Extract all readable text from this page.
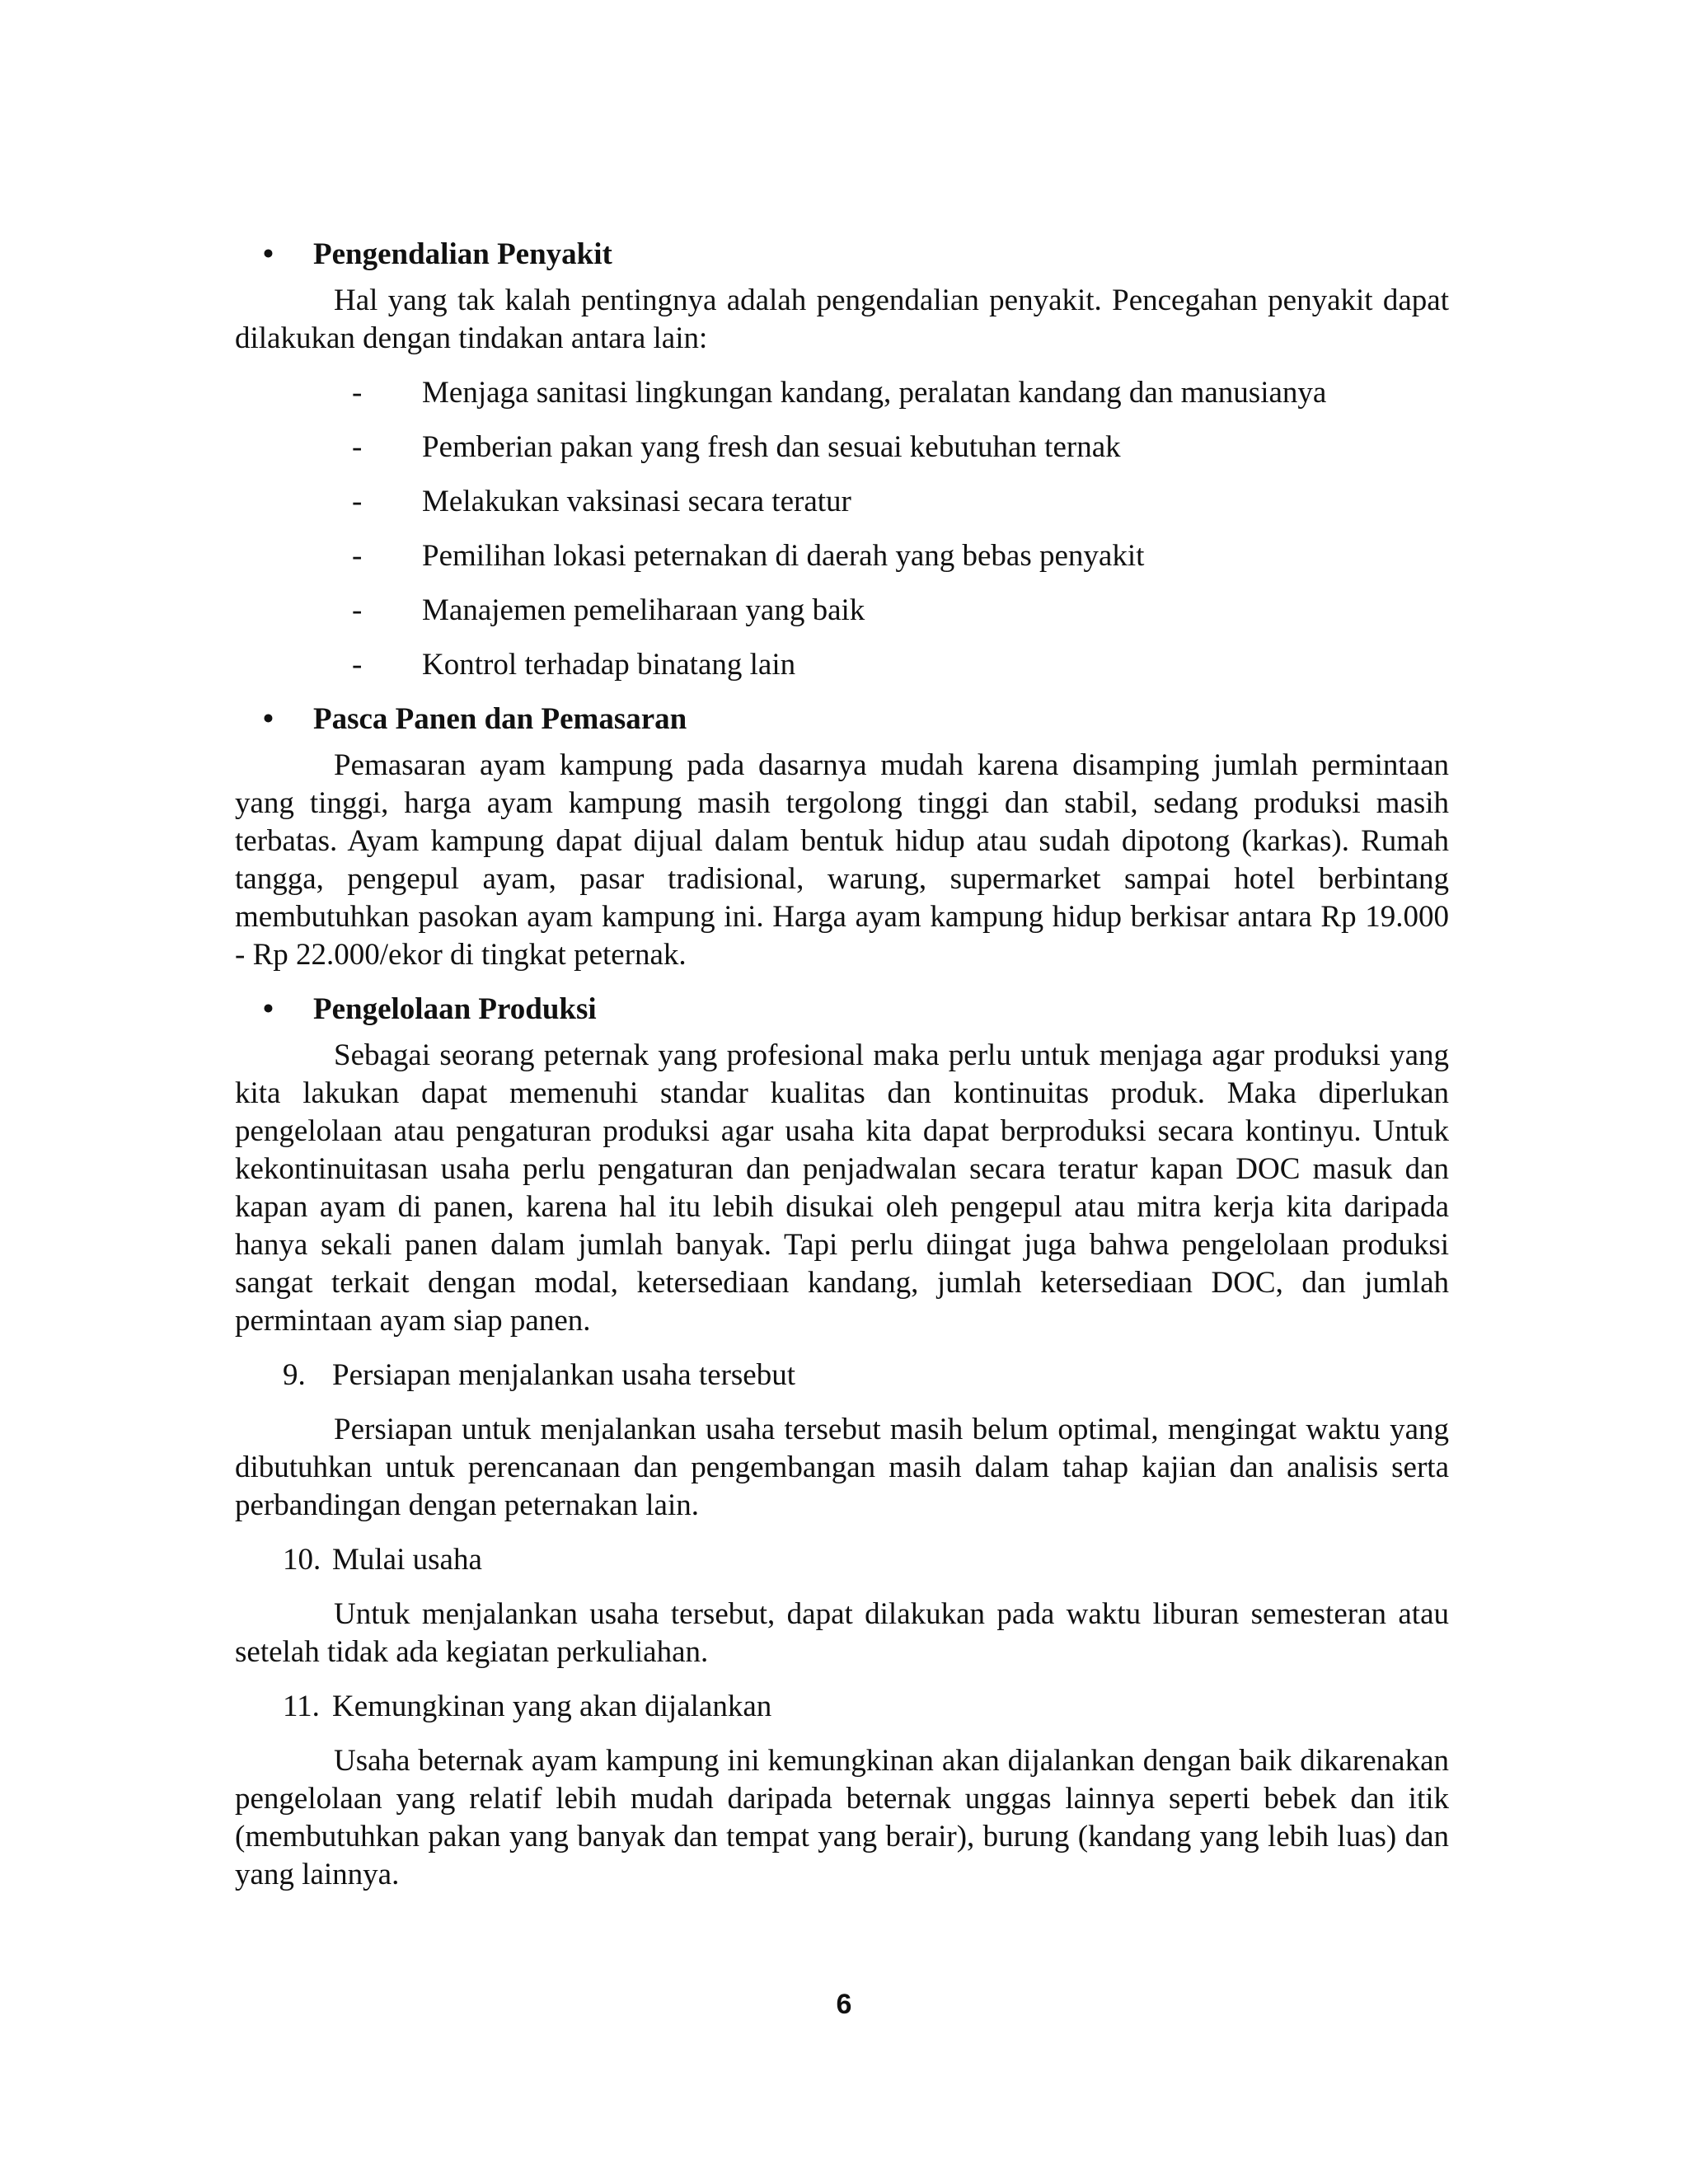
• Pengendalian Penyakit

Hal yang tak kalah pentingnya adalah pengendalian penyakit. Pencegahan penyakit dapat dilakukan dengan tindakan antara lain:

- Menjaga sanitasi lingkungan kandang, peralatan kandang dan manusianya
- Pemberian pakan yang fresh dan sesuai kebutuhan ternak
- Melakukan vaksinasi secara teratur
- Pemilihan lokasi peternakan di daerah yang bebas penyakit
- Manajemen pemeliharaan yang baik
- Kontrol terhadap binatang lain
• Pasca Panen dan Pemasaran

Pemasaran ayam kampung pada dasarnya mudah karena disamping jumlah permintaan yang tinggi, harga ayam kampung masih tergolong tinggi dan stabil, sedang produksi masih terbatas. Ayam kampung dapat dijual dalam bentuk hidup atau sudah dipotong (karkas). Rumah tangga, pengepul ayam, pasar tradisional, warung, supermarket sampai hotel berbintang membutuhkan pasokan ayam kampung ini. Harga ayam kampung hidup berkisar antara Rp 19.000 - Rp 22.000/ekor di tingkat peternak.

• Pengelolaan Produksi

Sebagai seorang peternak yang profesional maka perlu untuk menjaga agar produksi yang kita lakukan dapat memenuhi standar kualitas dan kontinuitas produk. Maka diperlukan pengelolaan atau pengaturan produksi agar usaha kita dapat berproduksi secara kontinyu. Untuk kekontinuitasan usaha perlu pengaturan dan penjadwalan secara teratur kapan DOC masuk dan kapan ayam di panen, karena hal itu lebih disukai oleh pengepul atau mitra kerja kita daripada hanya sekali panen dalam jumlah banyak. Tapi perlu diingat juga bahwa pengelolaan produksi sangat terkait dengan modal, ketersediaan kandang, jumlah ketersediaan DOC, dan jumlah permintaan ayam siap panen.

9. Persiapan menjalankan usaha tersebut

Persiapan untuk menjalankan usaha tersebut masih belum optimal, mengingat waktu yang dibutuhkan untuk perencanaan dan pengembangan masih dalam tahap kajian dan analisis serta perbandingan dengan peternakan lain.

10. Mulai usaha

Untuk menjalankan usaha tersebut, dapat dilakukan pada waktu liburan semesteran atau setelah tidak ada kegiatan perkuliahan.

11. Kemungkinan yang akan dijalankan

Usaha beternak ayam kampung ini kemungkinan akan dijalankan dengan baik dikarenakan pengelolaan yang relatif lebih mudah daripada beternak unggas lainnya seperti bebek dan itik (membutuhkan pakan yang banyak dan tempat yang berair), burung (kandang yang lebih luas) dan yang lainnya.

6
